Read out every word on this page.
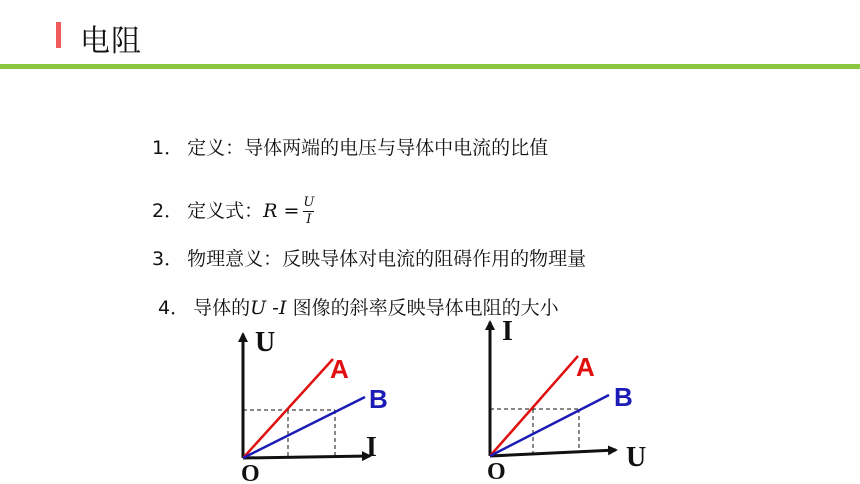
电阻
1． 定义：导体两端的电压与导体中电流的比值
2． 定义式：$R = \frac{U}{I}$
3． 物理意义：反映导体对电流的阻碍作用的物理量
4． 导体的U -I 图像的斜率反映导体电阻的大小
U
I
O
A
B
I
U
O
A
B
